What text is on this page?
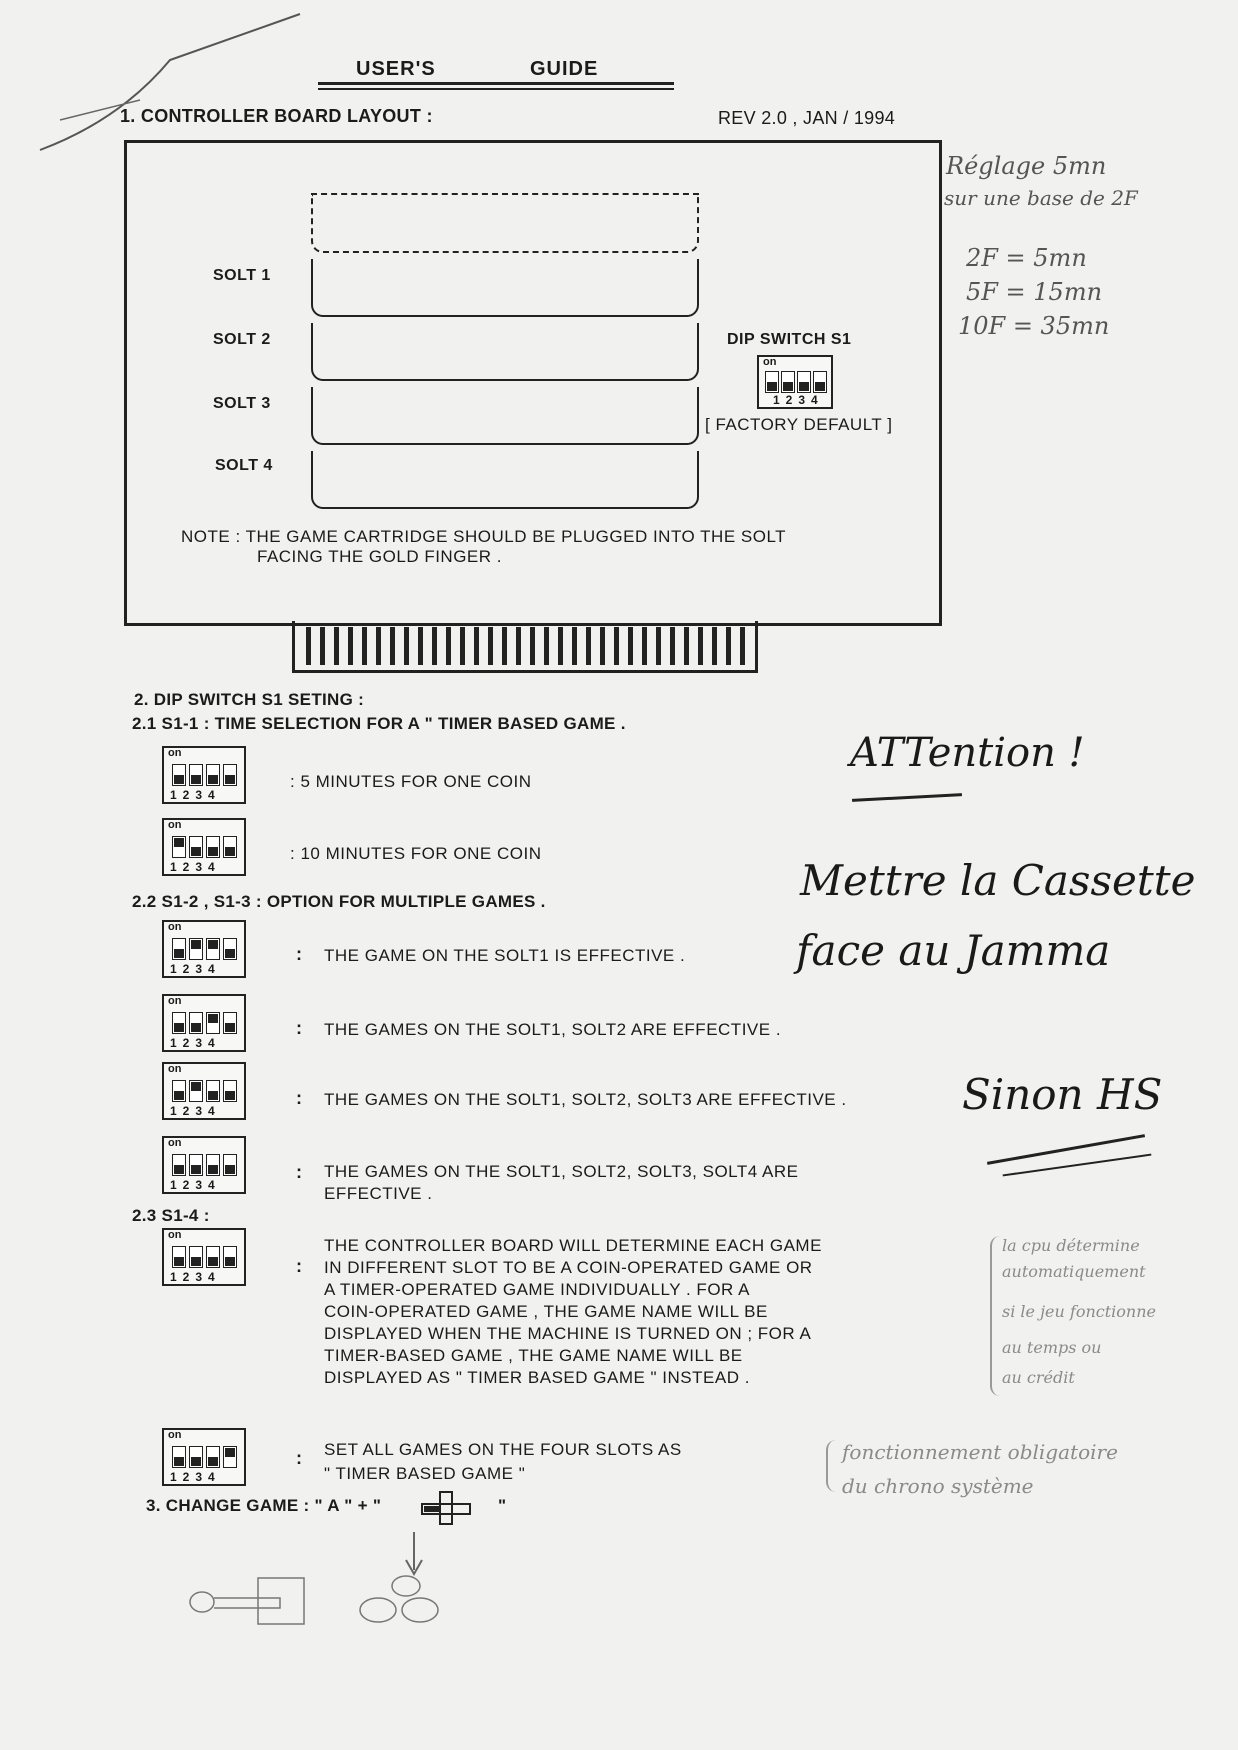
USER'S	GUIDE
1. CONTROLLER BOARD LAYOUT :	REV 2.0 , JAN / 1994
SOLT 1
SOLT 2
SOLT 3
SOLT 4
DIP SWITCH S1
on
1234
[ FACTORY DEFAULT ]
NOTE : THE GAME CARTRIDGE SHOULD BE PLUGGED INTO THE SOLT
FACING THE GOLD FINGER .
2. DIP SWITCH S1 SETING :
2.1 S1-1 : TIME SELECTION FOR A " TIMER BASED GAME .
on
1234
: 5 MINUTES FOR ONE COIN
on
1234
: 10 MINUTES FOR ONE COIN
2.2 S1-2 , S1-3 : OPTION FOR MULTIPLE GAMES .
on
1234
: THE GAME ON THE SOLT1 IS EFFECTIVE .
on
1234
: THE GAMES ON THE SOLT1, SOLT2 ARE EFFECTIVE .
on
1234
: THE GAMES ON THE SOLT1, SOLT2, SOLT3 ARE EFFECTIVE .
on
1234
: THE GAMES ON THE SOLT1, SOLT2, SOLT3, SOLT4 ARE
EFFECTIVE .
2.3 S1-4 :
on
1234
:
THE CONTROLLER BOARD WILL DETERMINE EACH GAME
IN DIFFERENT SLOT TO BE A COIN-OPERATED GAME OR
A TIMER-OPERATED GAME INDIVIDUALLY . FOR A
COIN-OPERATED GAME , THE GAME NAME WILL BE
DISPLAYED WHEN THE MACHINE IS TURNED ON ; FOR A
TIMER-BASED GAME , THE GAME NAME WILL BE
DISPLAYED AS " TIMER BASED GAME " INSTEAD .
on
1234
: SET ALL GAMES ON THE FOUR SLOTS AS
" TIMER BASED GAME "
3. CHANGE GAME : " A " + "	"
Réglage 5mn
sur une base de 2F
2F = 5mn
5F = 15mn
10F = 35mn
ATTention !
Mettre la Cassette
face au Jamma
Sinon HS
la cpu détermine
automatiquement
si le jeu fonctionne
au temps ou
au crédit
fonctionnement obligatoire
du chrono système
